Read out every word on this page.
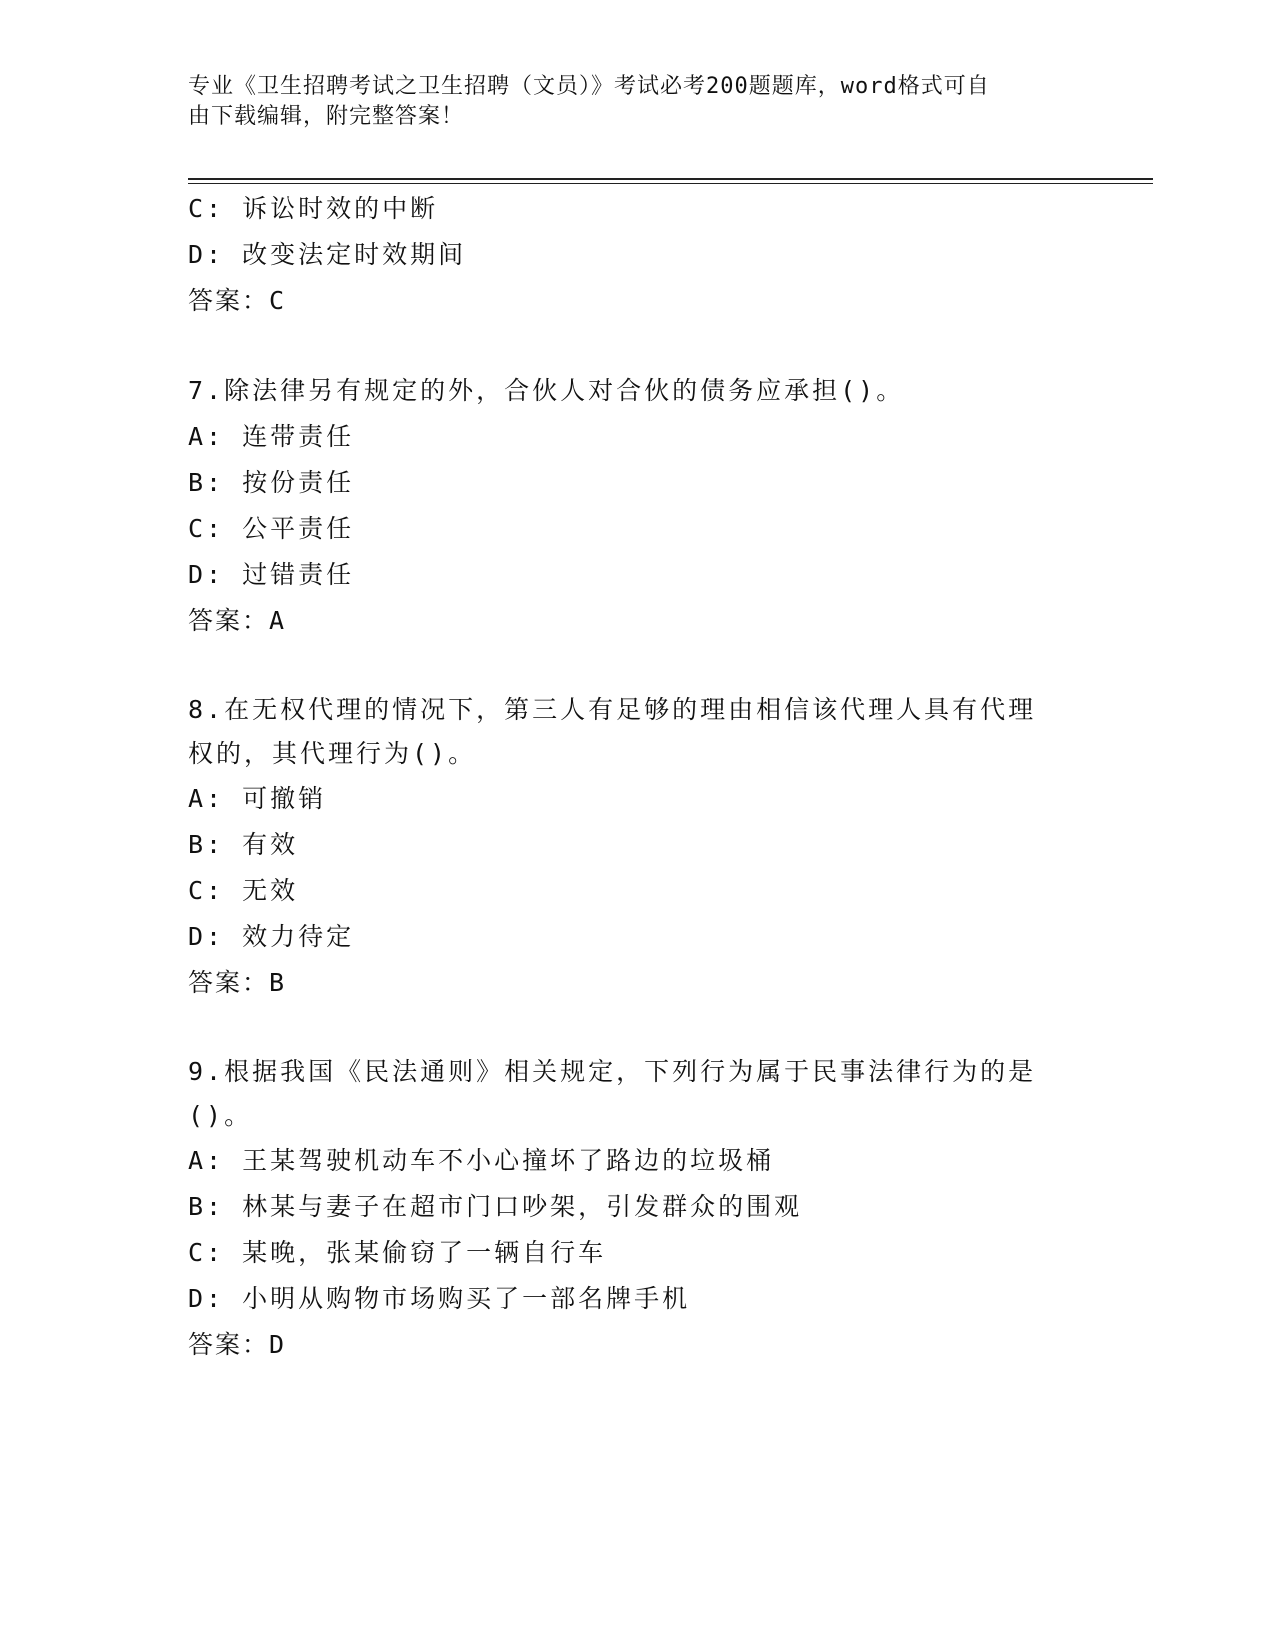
专业《卫生招聘考试之卫生招聘（文员）》考试必考200题题库，word格式可自
由下载编辑，附完整答案！
C: 诉讼时效的中断
D: 改变法定时效期间
答案：C
7.除法律另有规定的外，合伙人对合伙的债务应承担()。
A: 连带责任
B: 按份责任
C: 公平责任
D: 过错责任
答案：A
8.在无权代理的情况下，第三人有足够的理由相信该代理人具有代理
权的，其代理行为()。
A: 可撤销
B: 有效
C: 无效
D: 效力待定
答案：B
9.根据我国《民法通则》相关规定，下列行为属于民事法律行为的是
()。
A: 王某驾驶机动车不小心撞坏了路边的垃圾桶
B: 林某与妻子在超市门口吵架，引发群众的围观
C: 某晚，张某偷窃了一辆自行车
D: 小明从购物市场购买了一部名牌手机
答案：D
